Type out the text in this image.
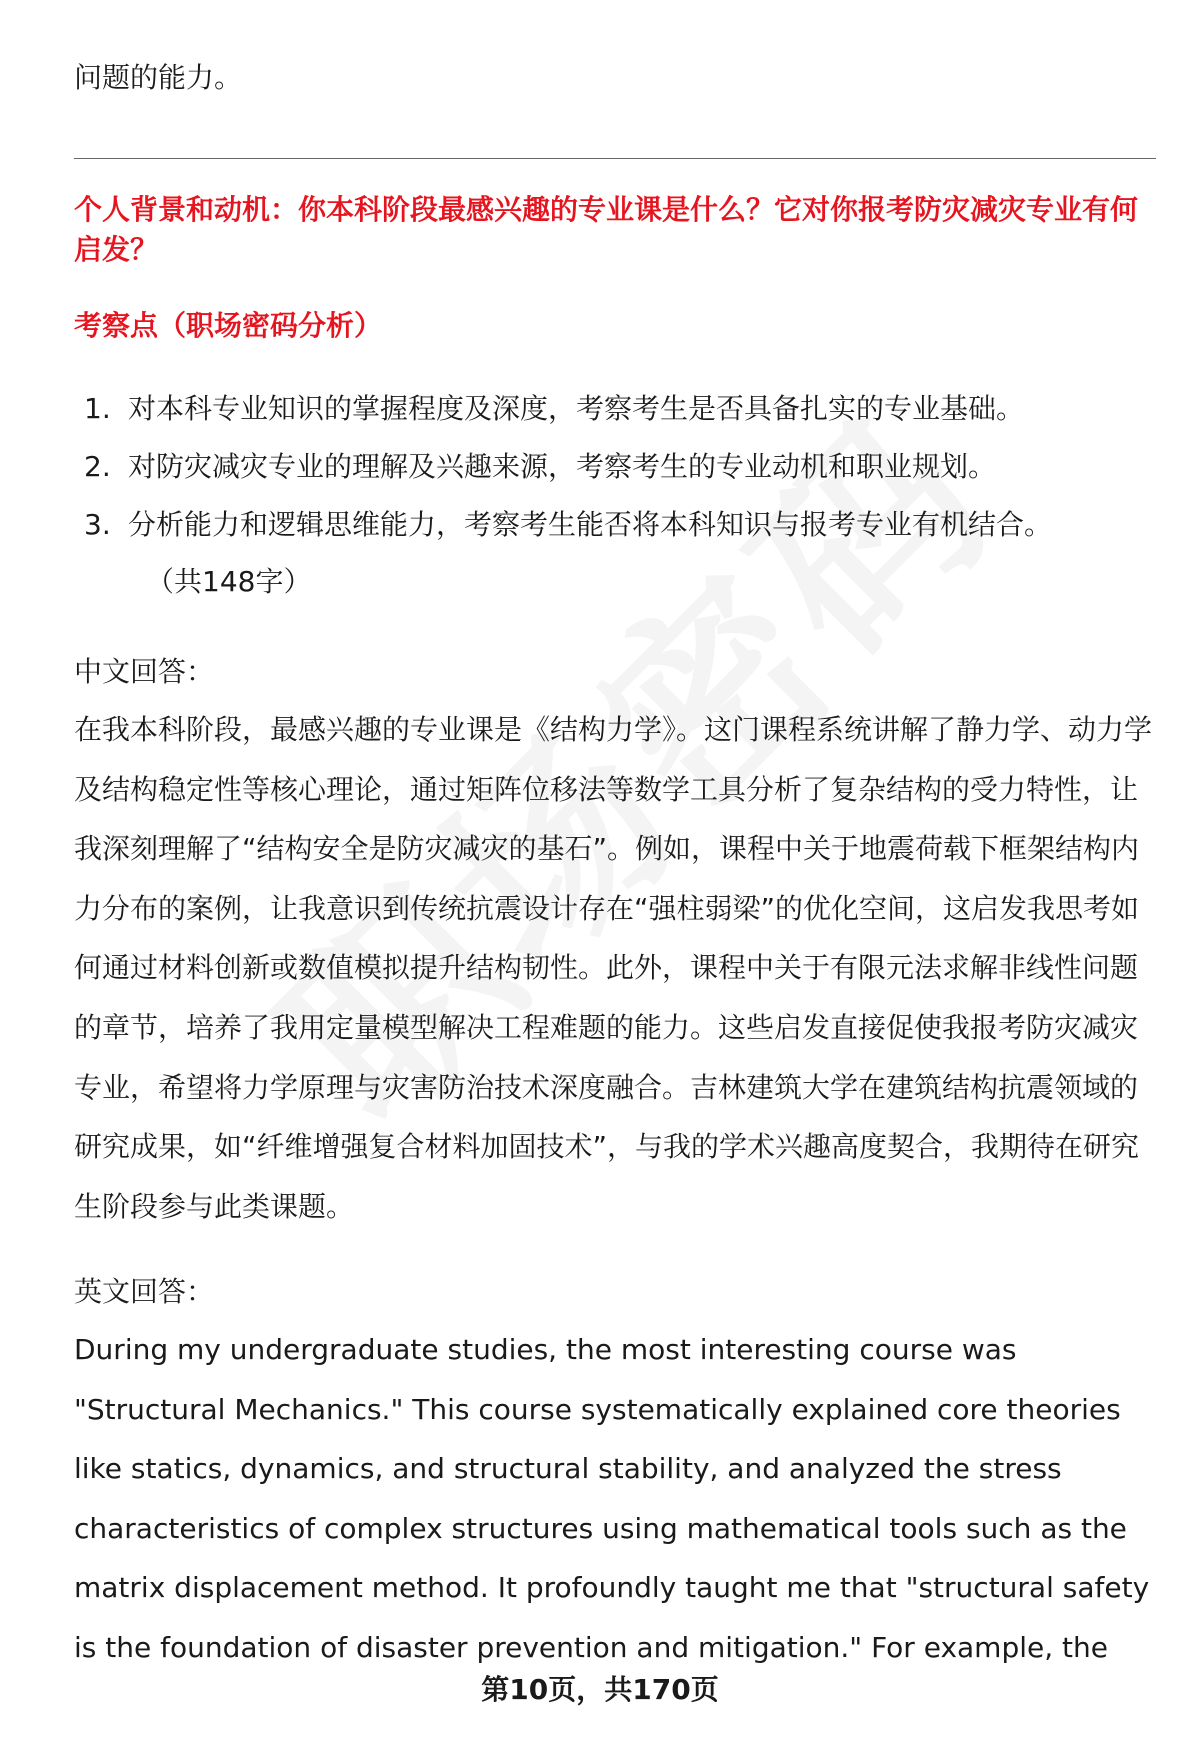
问题的能力。
个人背景和动机：你本科阶段最感兴趣的专业课是什么？它对你报考防灾减灾专业有何启发？
考察点（职场密码分析）
1. 对本科专业知识的掌握程度及深度，考察考生是否具备扎实的专业基础。
2. 对防灾减灾专业的理解及兴趣来源，考察考生的专业动机和职业规划。
3. 分析能力和逻辑思维能力，考察考生能否将本科知识与报考专业有机结合。
（共148字）
中文回答：

在我本科阶段，最感兴趣的专业课是《结构力学》。这门课程系统讲解了静力学、动力学及结构稳定性等核心理论，通过矩阵位移法等数学工具分析了复杂结构的受力特性，让我深刻理解了“结构安全是防灾减灾的基石”。例如，课程中关于地震荷载下框架结构内力分布的案例，让我意识到传统抗震设计存在“强柱弱梁”的优化空间，这启发我思考如何通过材料创新或数值模拟提升结构韧性。此外，课程中关于有限元法求解非线性问题的章节，培养了我用定量模型解决工程难题的能力。这些启发直接促使我报考防灾减灾专业，希望将力学原理与灾害防治技术深度融合。吉林建筑大学在建筑结构抗震领域的研究成果，如“纤维增强复合材料加固技术”，与我的学术兴趣高度契合，我期待在研究生阶段参与此类课题。

英文回答：

During my undergraduate studies, the most interesting course was "Structural Mechanics." This course systematically explained core theories like statics, dynamics, and structural stability, and analyzed the stress characteristics of complex structures using mathematical tools such as the matrix displacement method. It profoundly taught me that "structural safety is the foundation of disaster prevention and mitigation." For example, the

第10页，共170页
